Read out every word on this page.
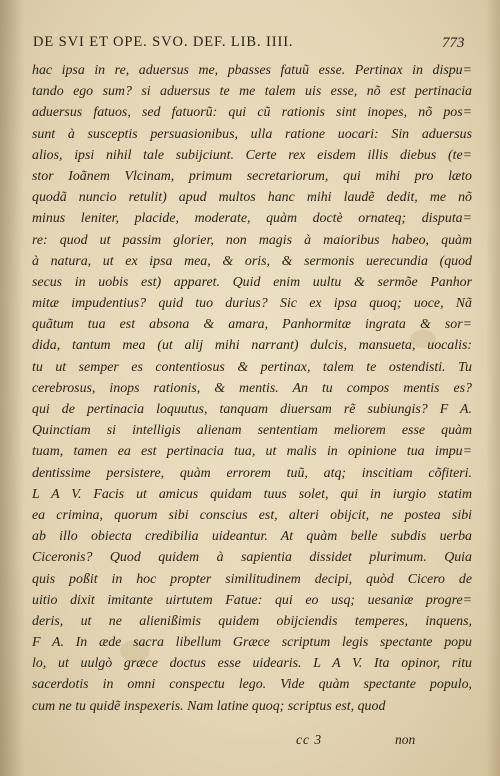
DE SVI ET OPE. SVO. DEF. LIB. IIII.	773
hac ipsa in re, aduersus me, pbasses fatuũ esse. Pertinax in dispu=
tando ego sum? si aduersus te me talem uis esse, nõ est pertinacia
aduersus fatuos, sed fatuorũ: qui cũ rationis sint inopes, nõ pos=
sunt à susceptis persuasionibus, ulla ratione uocari: Sin aduersus
alios, ipsi nihil tale subijciunt. Certe rex eisdem illis diebus (te=
stor Ioãnem Vlcinam, primum secretariorum, qui mihi pro læto
quodã nuncio retulit) apud multos hanc mihi laudẽ dedit, me nõ
minus leniter, placide, moderate, quàm doctè ornateq; disputa=
re: quod ut passim glorier, non magis à maioribus habeo, quàm
à natura, ut ex ipsa mea, & oris, & sermonis uerecundia (quod
secus in uobis est) apparet. Quid enim uultu & sermõe Panhor
mitæ impudentius? quid tuo durius? Sic ex ipsa quoq; uoce, Nã
quãtum tua est absona & amara, Panhormitæ ingrata & sor=
dida, tantum mea (ut alij mihi narrant) dulcis, mansueta, uocalis:
tu ut semper es contentiosus & pertinax, talem te ostendisti. Tu
cerebrosus, inops rationis, & mentis. An tu compos mentis es?
qui de pertinacia loquutus, tanquam diuersam rẽ subiungis? F A.
Quinctiam si intelligis alienam sententiam meliorem esse quàm
tuam, tamen ea est pertinacia tua, ut malis in opinione tua impu=
dentissime persistere, quàm errorem tuũ, atq; inscitiam cõfiteri.
L A V. Facis ut amicus quidam tuus solet, qui in iurgio statim
ea crimina, quorum sibi conscius est, alteri obijcit, ne postea sibi
ab illo obiecta credibilia uideantur. At quàm belle subdis uerba
Ciceronis? Quod quidem à sapientia dissidet plurimum. Quia
quis poßit in hoc propter similitudinem decipi, quòd Cicero de
uitio dixit imitante uirtutem Fatue: qui eo usq; uesaniæ progre=
deris, ut ne alienißimis quidem obijciendis temperes, inquens,
F A. In æde sacra libellum Græce scriptum legis spectante popu
lo, ut uulgò græce doctus esse uidearis. L A V. Ita opinor, ritu
sacerdotis in omni conspectu lego. Vide quàm spectante populo,
cum ne tu quidẽ inspexeris. Nam latine quoq; scriptus est, quod
cc 3	non
